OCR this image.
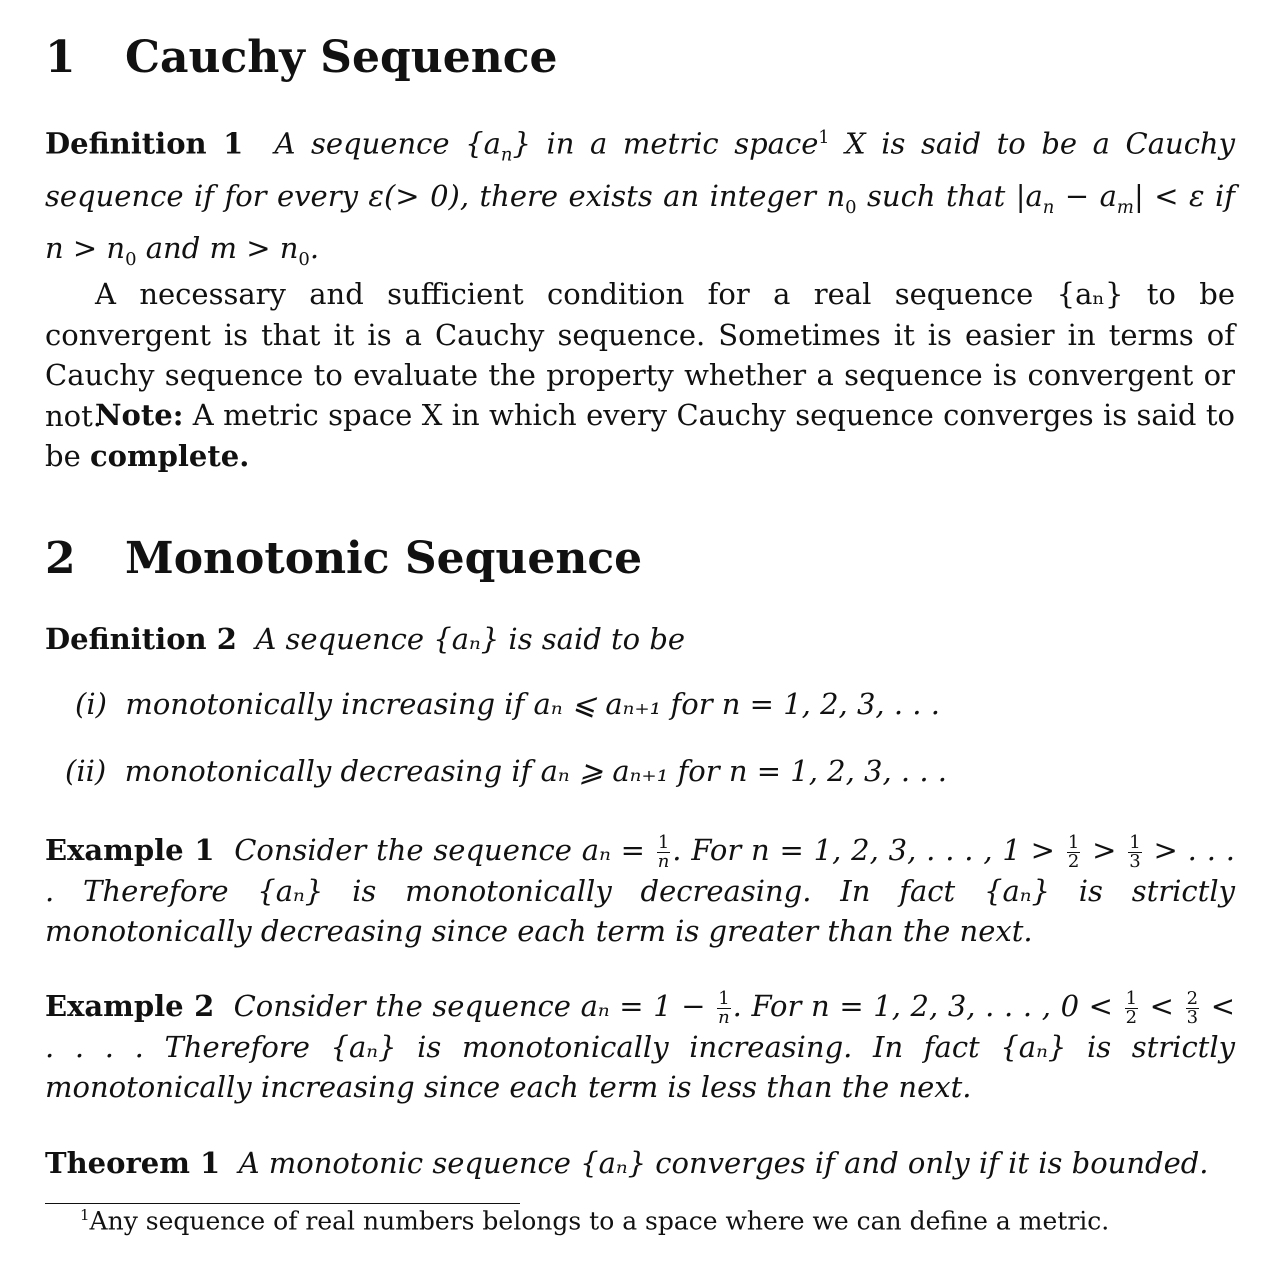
1 Cauchy Sequence

Definition 1 A sequence $\{a_n\}$ in a metric space$^1$ X is said to be a Cauchy sequence if for every ε(> 0), there exists an integer $n_0$ such that $|a_n - a_m| < \varepsilon$ if $n > n_0$ and $m > n_0$.

A necessary and sufficient condition for a real sequence {aₙ} to be convergent is that it is a Cauchy sequence. Sometimes it is easier in terms of Cauchy sequence to evaluate the property whether a sequence is convergent or not.

Note: A metric space X in which every Cauchy sequence converges is said to be complete.

2 Monotonic Sequence

Definition 2 A sequence {aₙ} is said to be

(i) monotonically increasing if aₙ ⩽ aₙ₊₁ for n = 1, 2, 3, . . .
(ii) monotonically decreasing if aₙ ⩾ aₙ₊₁ for n = 1, 2, 3, . . .

Example 1 Consider the sequence $a_n = \frac{1}{n}$ . For n = 1, 2, 3, . . . , $1 > \frac{1}{2} > \frac{1}{3}$ > . . . . Therefore {aₙ} is monotonically decreasing. In fact {aₙ} is strictly monotonically decreasing since each term is greater than the next.

Example 2 Consider the sequence $a_n = 1 - \frac{1}{n}$ . For n = 1, 2, 3, . . . , $0 < \frac{1}{2} < \frac{2}{3}$ < . . . . Therefore {aₙ} is monotonically increasing. In fact {aₙ} is strictly monotonically increasing since each term is less than the next.

Theorem 1 A monotonic sequence {aₙ} converges if and only if it is bounded.

$^1$Any sequence of real numbers belongs to a space where we can define a metric.
